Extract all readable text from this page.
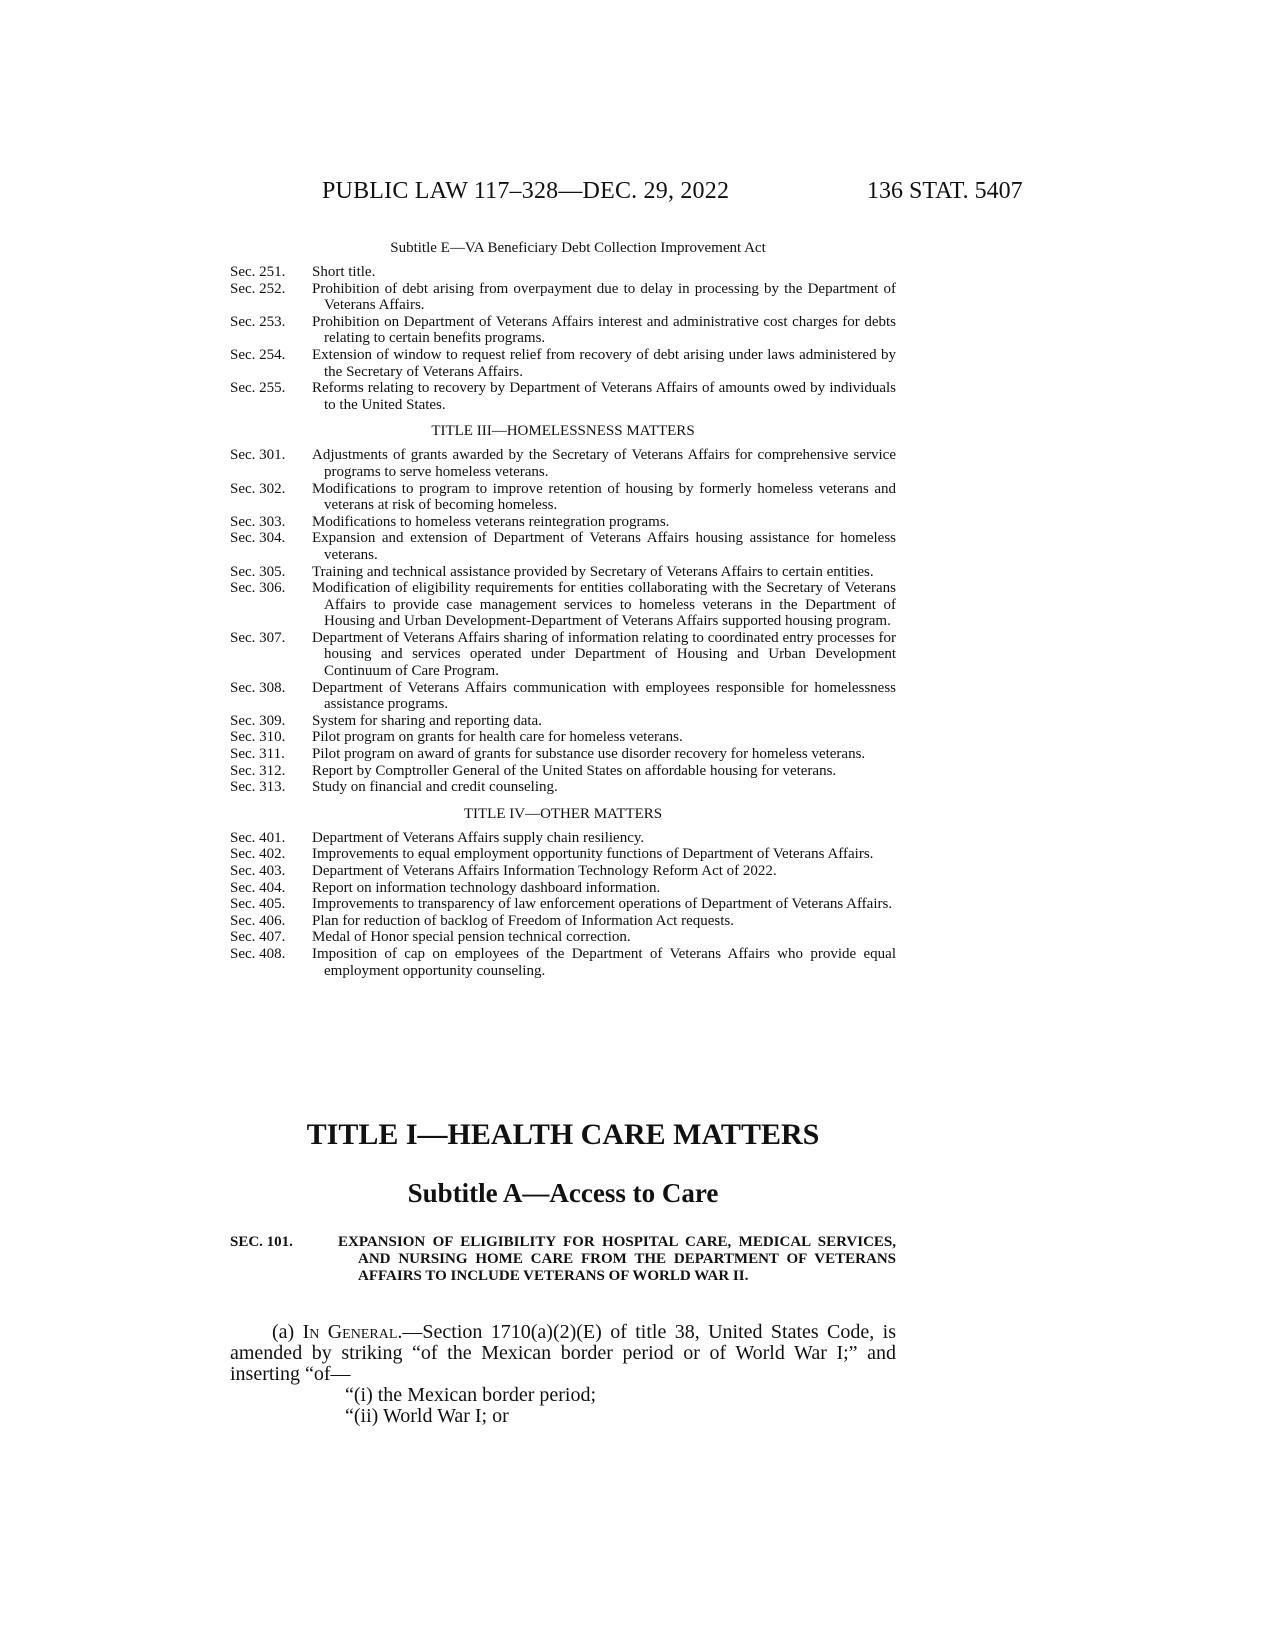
PUBLIC LAW 117–328—DEC. 29, 2022	136 STAT. 5407
Subtitle E—VA Beneficiary Debt Collection Improvement Act
Sec. 251.	Short title.
Sec. 252.	Prohibition of debt arising from overpayment due to delay in processing by the Department of Veterans Affairs.
Sec. 253.	Prohibition on Department of Veterans Affairs interest and administrative cost charges for debts relating to certain benefits programs.
Sec. 254.	Extension of window to request relief from recovery of debt arising under laws administered by the Secretary of Veterans Affairs.
Sec. 255.	Reforms relating to recovery by Department of Veterans Affairs of amounts owed by individuals to the United States.
TITLE III—HOMELESSNESS MATTERS
Sec. 301.	Adjustments of grants awarded by the Secretary of Veterans Affairs for comprehensive service programs to serve homeless veterans.
Sec. 302.	Modifications to program to improve retention of housing by formerly homeless veterans and veterans at risk of becoming homeless.
Sec. 303.	Modifications to homeless veterans reintegration programs.
Sec. 304.	Expansion and extension of Department of Veterans Affairs housing assistance for homeless veterans.
Sec. 305.	Training and technical assistance provided by Secretary of Veterans Affairs to certain entities.
Sec. 306.	Modification of eligibility requirements for entities collaborating with the Secretary of Veterans Affairs to provide case management services to homeless veterans in the Department of Housing and Urban Development-Department of Veterans Affairs supported housing program.
Sec. 307.	Department of Veterans Affairs sharing of information relating to coordinated entry processes for housing and services operated under Department of Housing and Urban Development Continuum of Care Program.
Sec. 308.	Department of Veterans Affairs communication with employees responsible for homelessness assistance programs.
Sec. 309.	System for sharing and reporting data.
Sec. 310.	Pilot program on grants for health care for homeless veterans.
Sec. 311.	Pilot program on award of grants for substance use disorder recovery for homeless veterans.
Sec. 312.	Report by Comptroller General of the United States on affordable housing for veterans.
Sec. 313.	Study on financial and credit counseling.
TITLE IV—OTHER MATTERS
Sec. 401.	Department of Veterans Affairs supply chain resiliency.
Sec. 402.	Improvements to equal employment opportunity functions of Department of Veterans Affairs.
Sec. 403.	Department of Veterans Affairs Information Technology Reform Act of 2022.
Sec. 404.	Report on information technology dashboard information.
Sec. 405.	Improvements to transparency of law enforcement operations of Department of Veterans Affairs.
Sec. 406.	Plan for reduction of backlog of Freedom of Information Act requests.
Sec. 407.	Medal of Honor special pension technical correction.
Sec. 408.	Imposition of cap on employees of the Department of Veterans Affairs who provide equal employment opportunity counseling.
TITLE I—HEALTH CARE MATTERS
Subtitle A—Access to Care
SEC. 101.	EXPANSION OF ELIGIBILITY FOR HOSPITAL CARE, MEDICAL SERVICES, AND NURSING HOME CARE FROM THE DEPARTMENT OF VETERANS AFFAIRS TO INCLUDE VETERANS OF WORLD WAR II.

(a) In General.—Section 1710(a)(2)(E) of title 38, United States Code, is amended by striking “of the Mexican border period or of World War I;” and inserting “of—

“(i) the Mexican border period;

“(ii) World War I; or
